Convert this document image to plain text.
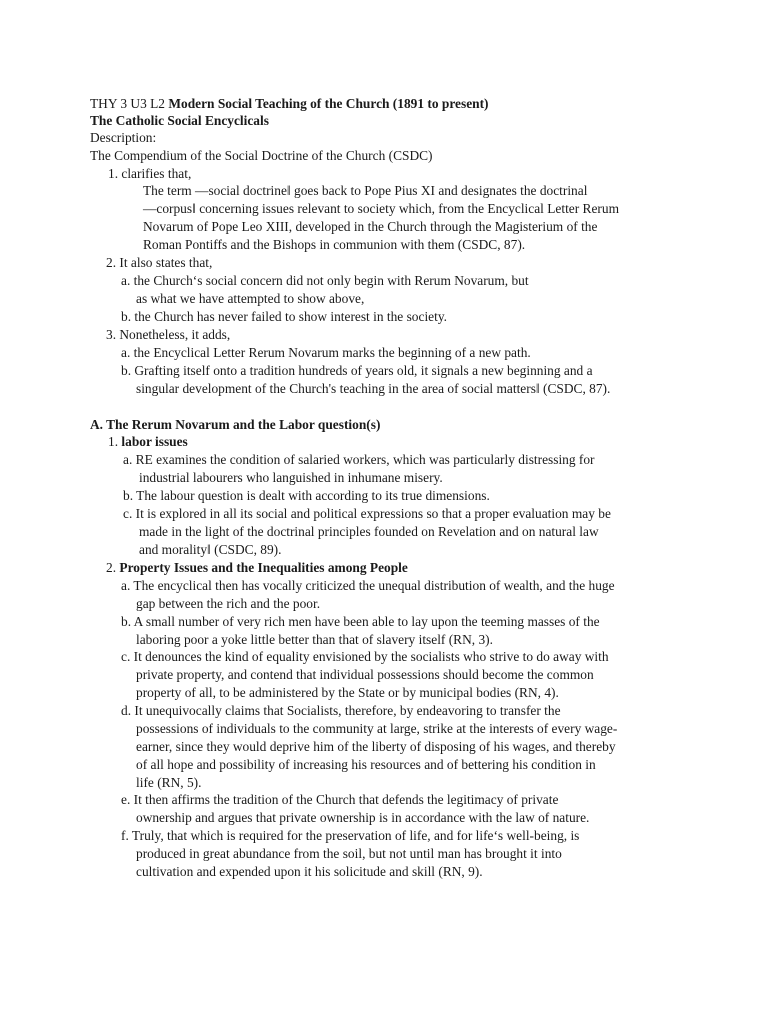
THY 3 U3 L2 Modern Social Teaching of the Church (1891 to present)
The Catholic Social Encyclicals
Description:
The Compendium of the Social Doctrine of the Church (CSDC)
1. clarifies that,
The term —social doctrine‖ goes back to Pope Pius XI and designates the doctrinal
—corpus‖ concerning issues relevant to society which, from the Encyclical Letter Rerum
Novarum of Pope Leo XIII, developed in the Church through the Magisterium of the
Roman Pontiffs and the Bishops in communion with them (CSDC, 87).
2. It also states that,
a. the Church‘s social concern did not only begin with Rerum Novarum, but
as what we have attempted to show above,
b. the Church has never failed to show interest in the society.
3. Nonetheless, it adds,
a. the Encyclical Letter Rerum Novarum marks the beginning of a new path.
b. Grafting itself onto a tradition hundreds of years old, it signals a new beginning and a
singular development of the Church's teaching in the area of social matters‖ (CSDC, 87).
A. The Rerum Novarum and the Labor question(s)
1. labor issues
a. RE examines the condition of salaried workers, which was particularly distressing for
industrial labourers who languished in inhumane misery.
b. The labour question is dealt with according to its true dimensions.
c. It is explored in all its social and political expressions so that a proper evaluation may be
made in the light of the doctrinal principles founded on Revelation and on natural law
and morality‖ (CSDC, 89).
2. Property Issues and the Inequalities among People
a. The encyclical then has vocally criticized the unequal distribution of wealth, and the huge
gap between the rich and the poor.
b. A small number of very rich men have been able to lay upon the teeming masses of the
laboring poor a yoke little better than that of slavery itself (RN, 3).
c. It denounces the kind of equality envisioned by the socialists who strive to do away with
private property, and contend that individual possessions should become the common
property of all, to be administered by the State or by municipal bodies (RN, 4).
d. It unequivocally claims that Socialists, therefore, by endeavoring to transfer the
possessions of individuals to the community at large, strike at the interests of every wage-
earner, since they would deprive him of the liberty of disposing of his wages, and thereby
of all hope and possibility of increasing his resources and of bettering his condition in
life (RN, 5).
e. It then affirms the tradition of the Church that defends the legitimacy of private
ownership and argues that private ownership is in accordance with the law of nature.
f. Truly, that which is required for the preservation of life, and for life‘s well-being, is
produced in great abundance from the soil, but not until man has brought it into
cultivation and expended upon it his solicitude and skill (RN, 9).
